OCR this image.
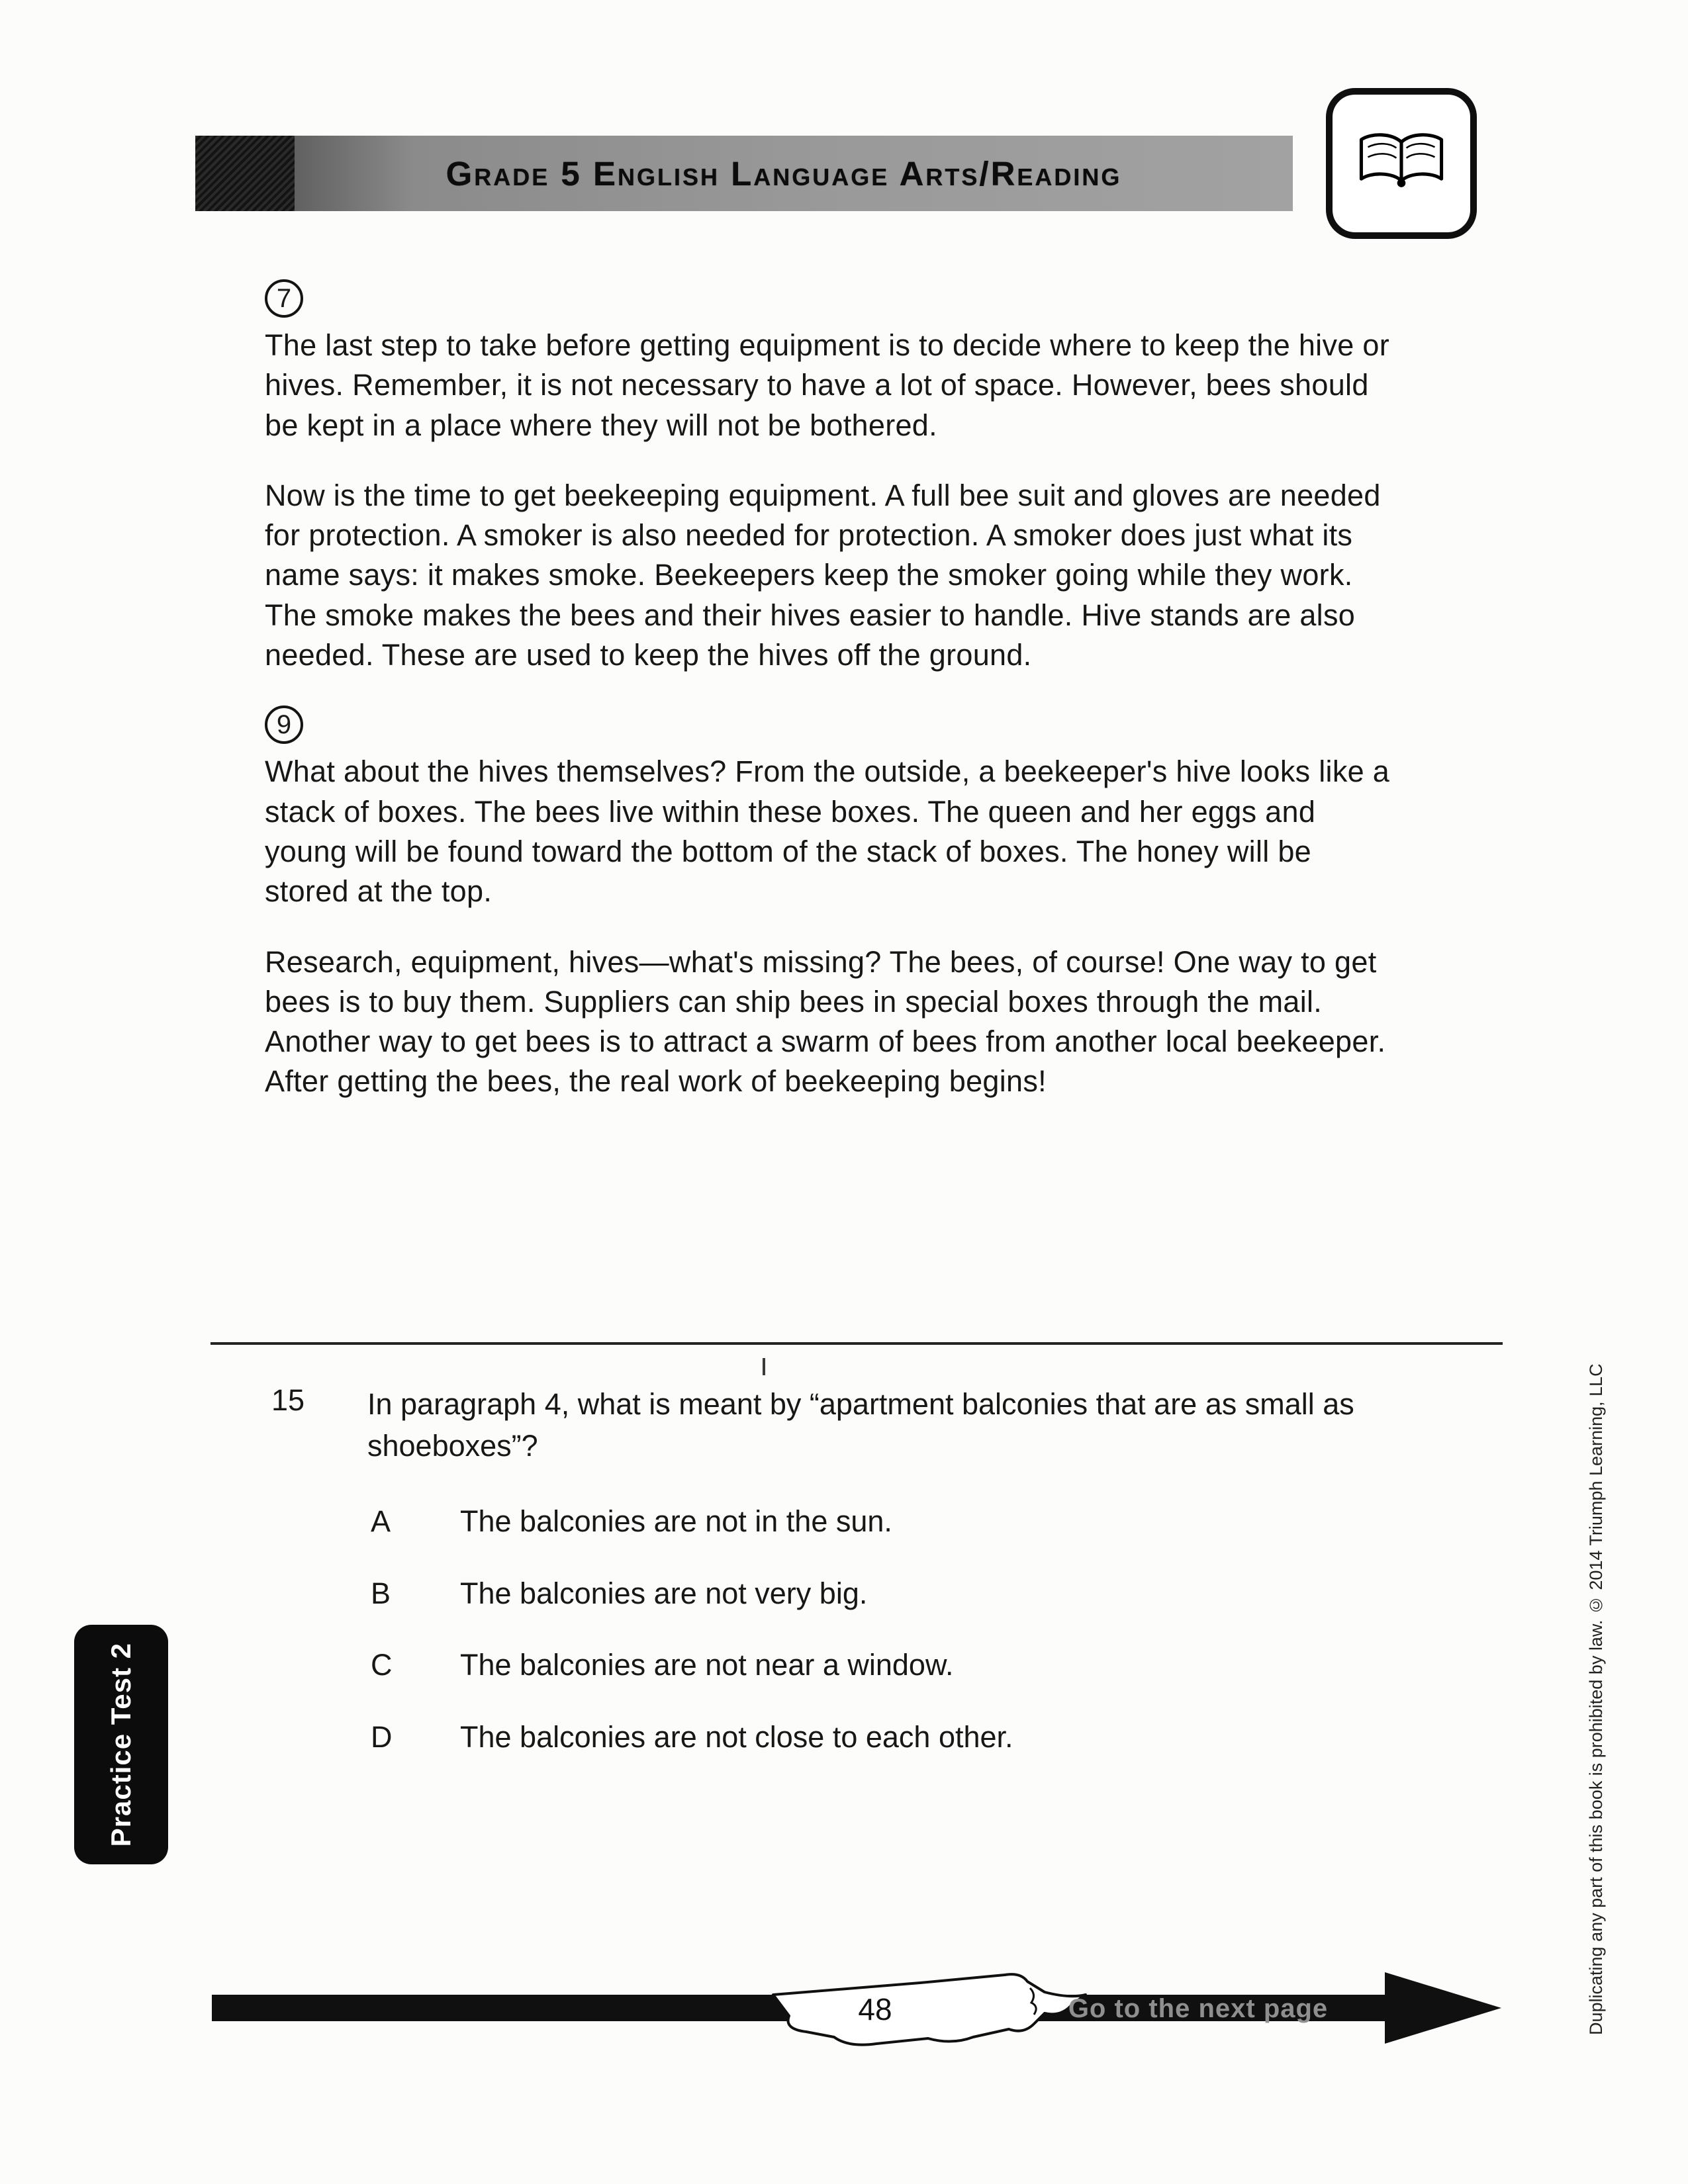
Grade 5 English Language Arts/Reading
7

The last step to take before getting equipment is to decide where to keep the hive or hives. Remember, it is not necessary to have a lot of space. However, bees should be kept in a place where they will not be bothered.

Now is the time to get beekeeping equipment. A full bee suit and gloves are needed for protection. A smoker is also needed for protection. A smoker does just what its name says: it makes smoke. Beekeepers keep the smoker going while they work. The smoke makes the bees and their hives easier to handle. Hive stands are also needed. These are used to keep the hives off the ground.

9

What about the hives themselves? From the outside, a beekeeper's hive looks like a stack of boxes. The bees live within these boxes. The queen and her eggs and young will be found toward the bottom of the stack of boxes. The honey will be stored at the top.

Research, equipment, hives—what's missing? The bees, of course! One way to get bees is to buy them. Suppliers can ship bees in special boxes through the mail. Another way to get bees is to attract a swarm of bees from another local beekeeper. After getting the bees, the real work of beekeeping begins!

15	In paragraph 4, what is meant by “apartment balconies that are as small as shoeboxes”?

A	The balconies are not in the sun.
B	The balconies are not very big.
C	The balconies are not near a window.
D	The balconies are not close to each other.
Practice Test 2	Duplicating any part of this book is prohibited by law. © 2014 Triumph Learning, LLC
48	Go to the next page
